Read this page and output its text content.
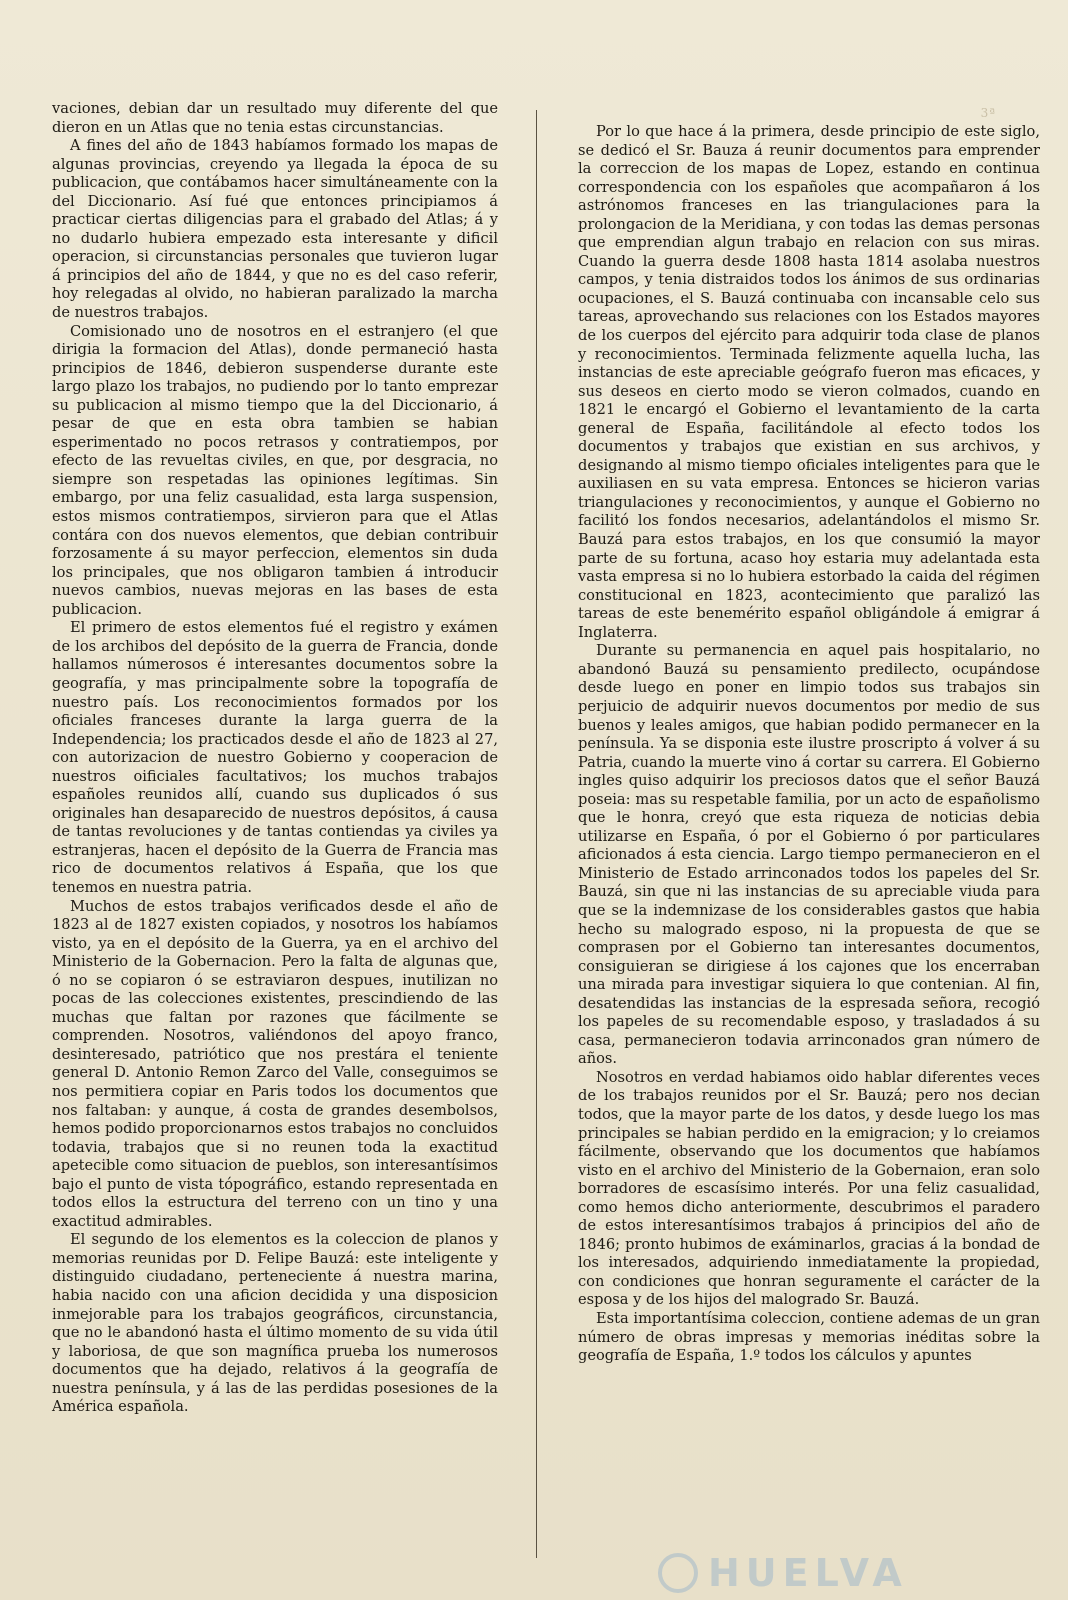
3ª

vaciones, debian dar un resultado muy diferente del que dieron en un Atlas que no tenia estas circunstancias.

A fines del año de 1843 habíamos formado los mapas de algunas provincias, creyendo ya llegada la época de su publicacion, que contábamos hacer simultáneamente con la del Diccionario. Así fué que entonces principiamos á practicar ciertas diligencias para el grabado del Atlas; á y no dudarlo hubiera empezado esta interesante y dificil operacion, si circunstancias personales que tuvieron lugar á principios del año de 1844, y que no es del caso referir, hoy relegadas al olvido, no habieran paralizado la marcha de nuestros trabajos.

Comisionado uno de nosotros en el estranjero (el que dirigia la formacion del Atlas), donde permaneció hasta principios de 1846, debieron suspenderse durante este largo plazo los trabajos, no pudiendo por lo tanto emprezar su publicacion al mismo tiempo que la del Diccionario, á pesar de que en esta obra tambien se habian esperimentado no pocos retrasos y contratiempos, por efecto de las revueltas civiles, en que, por desgracia, no siempre son respetadas las opiniones legítimas. Sin embargo, por una feliz casualidad, esta larga suspension, estos mismos contratiempos, sirvieron para que el Atlas contára con dos nuevos elementos, que debian contribuir forzosamente á su mayor perfeccion, elementos sin duda los principales, que nos obligaron tambien á introducir nuevos cambios, nuevas mejoras en las bases de esta publicacion.

El primero de estos elementos fué el registro y exámen de los archibos del depósito de la guerra de Francia, donde hallamos númerosos é interesantes documentos sobre la geografía, y mas principalmente sobre la topografía de nuestro país. Los reconocimientos formados por los oficiales franceses durante la larga guerra de la Independencia; los practicados desde el año de 1823 al 27, con autorizacion de nuestro Gobierno y cooperacion de nuestros oificiales facultativos; los muchos trabajos españoles reunidos allí, cuando sus duplicados ó sus originales han desaparecido de nuestros depósitos, á causa de tantas revoluciones y de tantas contiendas ya civiles ya estranjeras, hacen el depósito de la Guerra de Francia mas rico de documentos relativos á España, que los que tenemos en nuestra patria.

Muchos de estos trabajos verificados desde el año de 1823 al de 1827 existen copiados, y nosotros los habíamos visto, ya en el depósito de la Guerra, ya en el archivo del Ministerio de la Gobernacion. Pero la falta de algunas que, ó no se copiaron ó se estraviaron despues, inutilizan no pocas de las colecciones existentes, prescindiendo de las muchas que faltan por razones que fácilmente se comprenden. Nosotros, valiéndonos del apoyo franco, desinteresado, patriótico que nos prestára el teniente general D. Antonio Remon Zarco del Valle, conseguimos se nos permitiera copiar en Paris todos los documentos que nos faltaban: y aunque, á costa de grandes desembolsos, hemos podido proporcionarnos estos trabajos no concluidos todavia, trabajos que si no reunen toda la exactitud apetecible como situacion de pueblos, son interesantísimos bajo el punto de vista tópográfico, estando representada en todos ellos la estructura del terreno con un tino y una exactitud admirables.

El segundo de los elementos es la coleccion de planos y memorias reunidas por D. Felipe Bauzá: este inteligente y distinguido ciudadano, perteneciente á nuestra marina, habia nacido con una aficion decidida y una disposicion inmejorable para los trabajos geográficos, circunstancia, que no le abandonó hasta el último momento de su vida útil y laboriosa, de que son magnífica prueba los numerosos documentos que ha dejado, relativos á la geografía de nuestra península, y á las de las perdidas posesiones de la América española.

Por lo que hace á la primera, desde principio de este siglo, se dedicó el Sr. Bauza á reunir documentos para emprender la correccion de los mapas de Lopez, estando en continua correspondencia con los españoles que acompañaron á los astrónomos franceses en las triangulaciones para la prolongacion de la Meridiana, y con todas las demas personas que emprendian algun trabajo en relacion con sus miras. Cuando la guerra desde 1808 hasta 1814 asolaba nuestros campos, y tenia distraidos todos los ánimos de sus ordinarias ocupaciones, el S. Bauzá continuaba con incansable celo sus tareas, aprovechando sus relaciones con los Estados mayores de los cuerpos del ejército para adquirir toda clase de planos y reconocimientos. Terminada felizmente aquella lucha, las instancias de este apreciable geógrafo fueron mas eficaces, y sus deseos en cierto modo se vieron colmados, cuando en 1821 le encargó el Gobierno el levantamiento de la carta general de España, facilitándole al efecto todos los documentos y trabajos que existian en sus archivos, y designando al mismo tiempo oficiales inteligentes para que le auxiliasen en su vata empresa. Entonces se hicieron varias triangulaciones y reconocimientos, y aunque el Gobierno no facilitó los fondos necesarios, adelantándolos el mismo Sr. Bauzá para estos trabajos, en los que consumió la mayor parte de su fortuna, acaso hoy estaria muy adelantada esta vasta empresa si no lo hubiera estorbado la caida del régimen constitucional en 1823, acontecimiento que paralizó las tareas de este benemérito español obligándole á emigrar á Inglaterra.

Durante su permanencia en aquel pais hospitalario, no abandonó Bauzá su pensamiento predilecto, ocupándose desde luego en poner en limpio todos sus trabajos sin perjuicio de adquirir nuevos documentos por medio de sus buenos y leales amigos, que habian podido permanecer en la península. Ya se disponia este ilustre proscripto á volver á su Patria, cuando la muerte vino á cortar su carrera. El Gobierno ingles quiso adquirir los preciosos datos que el señor Bauzá poseia: mas su respetable familia, por un acto de españolismo que le honra, creyó que esta riqueza de noticias debia utilizarse en España, ó por el Gobierno ó por particulares aficionados á esta ciencia. Largo tiempo permanecieron en el Ministerio de Estado arrinconados todos los papeles del Sr. Bauzá, sin que ni las instancias de su apreciable viuda para que se la indemnizase de los considerables gastos que habia hecho su malogrado esposo, ni la propuesta de que se comprasen por el Gobierno tan interesantes documentos, consiguieran se dirigiese á los cajones que los encerraban una mirada para investigar siquiera lo que contenian. Al fin, desatendidas las instancias de la espresada señora, recogió los papeles de su recomendable esposo, y trasladados á su casa, permanecieron todavia arrinconados gran número de años.

Nosotros en verdad habiamos oido hablar diferentes veces de los trabajos reunidos por el Sr. Bauzá; pero nos decian todos, que la mayor parte de los datos, y desde luego los mas principales se habian perdido en la emigracion; y lo creiamos fácilmente, observando que los documentos que habíamos visto en el archivo del Ministerio de la Gobernaion, eran solo borradores de escasísimo interés. Por una feliz casualidad, como hemos dicho anteriormente, descubrimos el paradero de estos interesantísimos trabajos á principios del año de 1846; pronto hubimos de exáminarlos, gracias á la bondad de los interesados, adquiriendo inmediatamente la propiedad, con condiciones que honran seguramente el carácter de la esposa y de los hijos del malogrado Sr. Bauzá.

Esta importantísima coleccion, contiene ademas de un gran número de obras impresas y memorias inéditas sobre la geografía de España, 1.º todos los cálculos y apuntes

HUELVA
